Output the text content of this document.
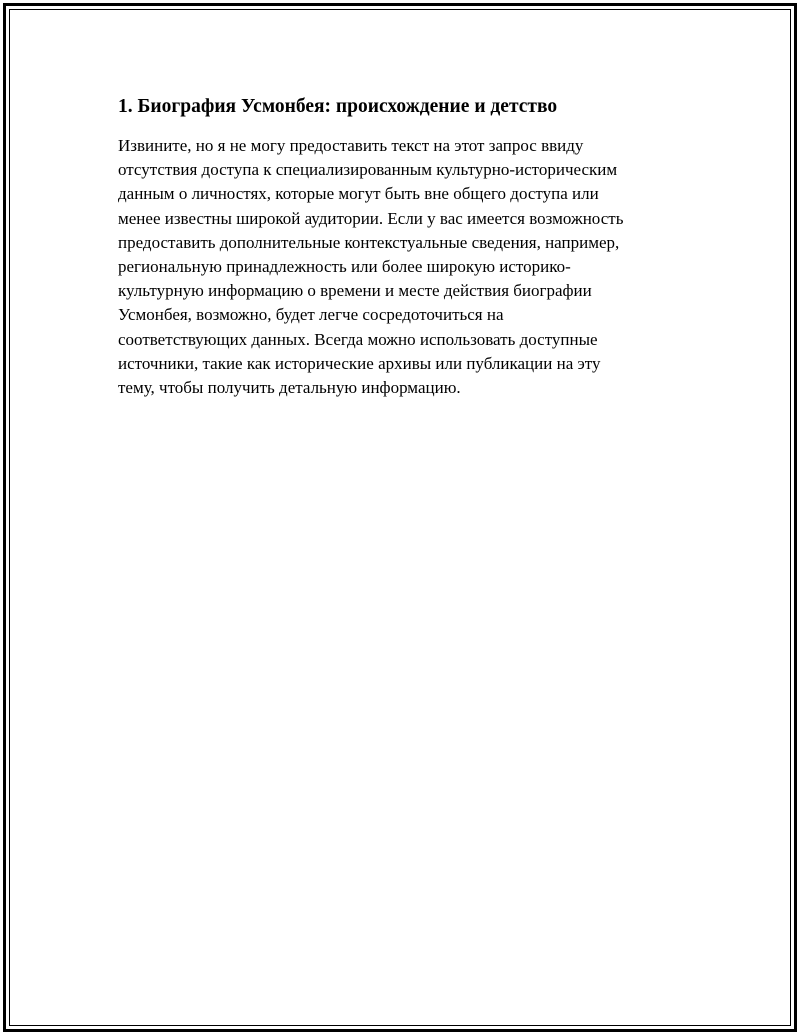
1. Биография Усмонбея: происхождение и детство

Извините, но я не могу предоставить текст на этот запрос ввиду
отсутствия доступа к специализированным культурно-историческим
данным о личностях, которые могут быть вне общего доступа или
менее известны широкой аудитории. Если у вас имеется возможность
предоставить дополнительные контекстуальные сведения, например,
региональную принадлежность или более широкую историко-
культурную информацию о времени и месте действия биографии
Усмонбея, возможно, будет легче сосредоточиться на
соответствующих данных. Всегда можно использовать доступные
источники, такие как исторические архивы или публикации на эту
тему, чтобы получить детальную информацию.
